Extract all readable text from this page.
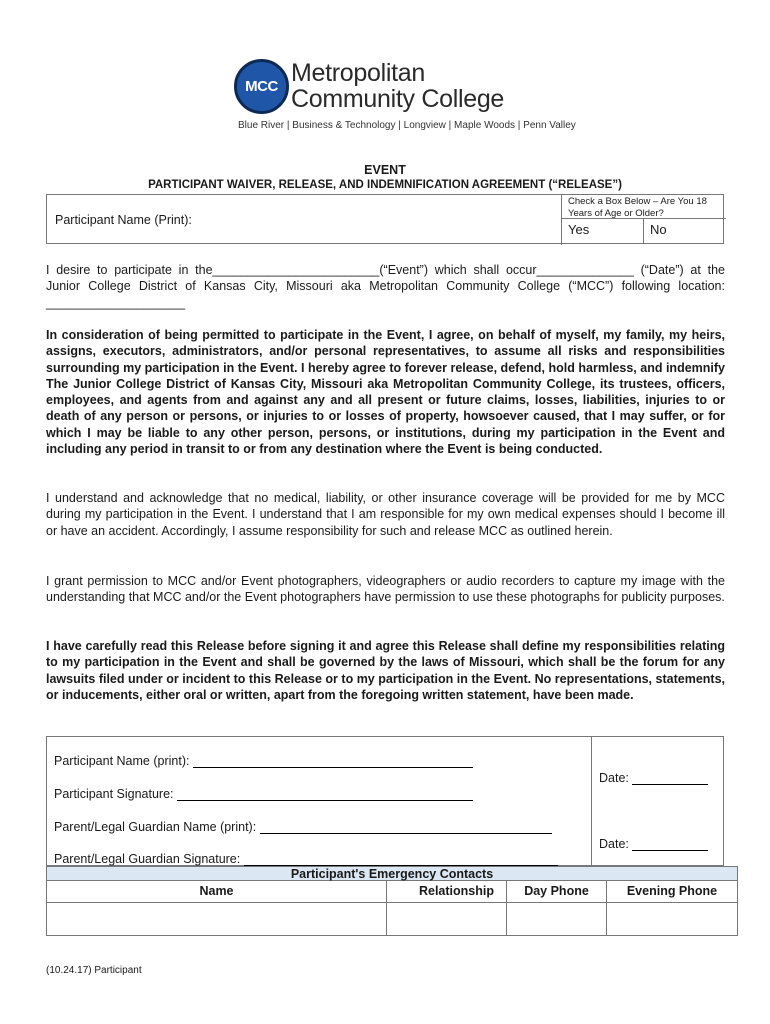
MCC Metropolitan
Community College
Blue River | Business & Technology | Longview | Maple Woods | Penn Valley
EVENT
PARTICIPANT WAIVER, RELEASE, AND INDEMNIFICATION AGREEMENT (“RELEASE”)
Participant Name (Print):
Check a Box Below – Are You 18 Years of Age or Older?
Yes	No
I desire to participate in the________________________(“Event”) which shall occur______________ (“Date”) at the Junior College District of Kansas City, Missouri aka Metropolitan Community College (“MCC”) following location: ____________________
In consideration of being permitted to participate in the Event, I agree, on behalf of myself, my family, my heirs, assigns, executors, administrators, and/or personal representatives, to assume all risks and responsibilities surrounding my participation in the Event. I hereby agree to forever release, defend, hold harmless, and indemnify The Junior College District of Kansas City, Missouri aka Metropolitan Community College, its trustees, officers, employees, and agents from and against any and all present or future claims, losses, liabilities, injuries to or death of any person or persons, or injuries to or losses of property, howsoever caused, that I may suffer, or for which I may be liable to any other person, persons, or institutions, during my participation in the Event and including any period in transit to or from any destination where the Event is being conducted.
I understand and acknowledge that no medical, liability, or other insurance coverage will be provided for me by MCC during my participation in the Event. I understand that I am responsible for my own medical expenses should I become ill or have an accident. Accordingly, I assume responsibility for such and release MCC as outlined herein.
I grant permission to MCC and/or Event photographers, videographers or audio recorders to capture my image with the understanding that MCC and/or the Event photographers have permission to use these photographs for publicity purposes.
I have carefully read this Release before signing it and agree this Release shall define my responsibilities relating to my participation in the Event and shall be governed by the laws of Missouri, which shall be the forum for any lawsuits filed under or incident to this Release or to my participation in the Event. No representations, statements, or inducements, either oral or written, apart from the foregoing written statement, have been made.
Participant Name (print):
Participant Signature:
Date:
Parent/Legal Guardian Name (print):
Parent/Legal Guardian Signature:
Date:
Participant's Emergency Contacts
Name	Relationship	Day Phone	Evening Phone
(10.24.17) Participant
